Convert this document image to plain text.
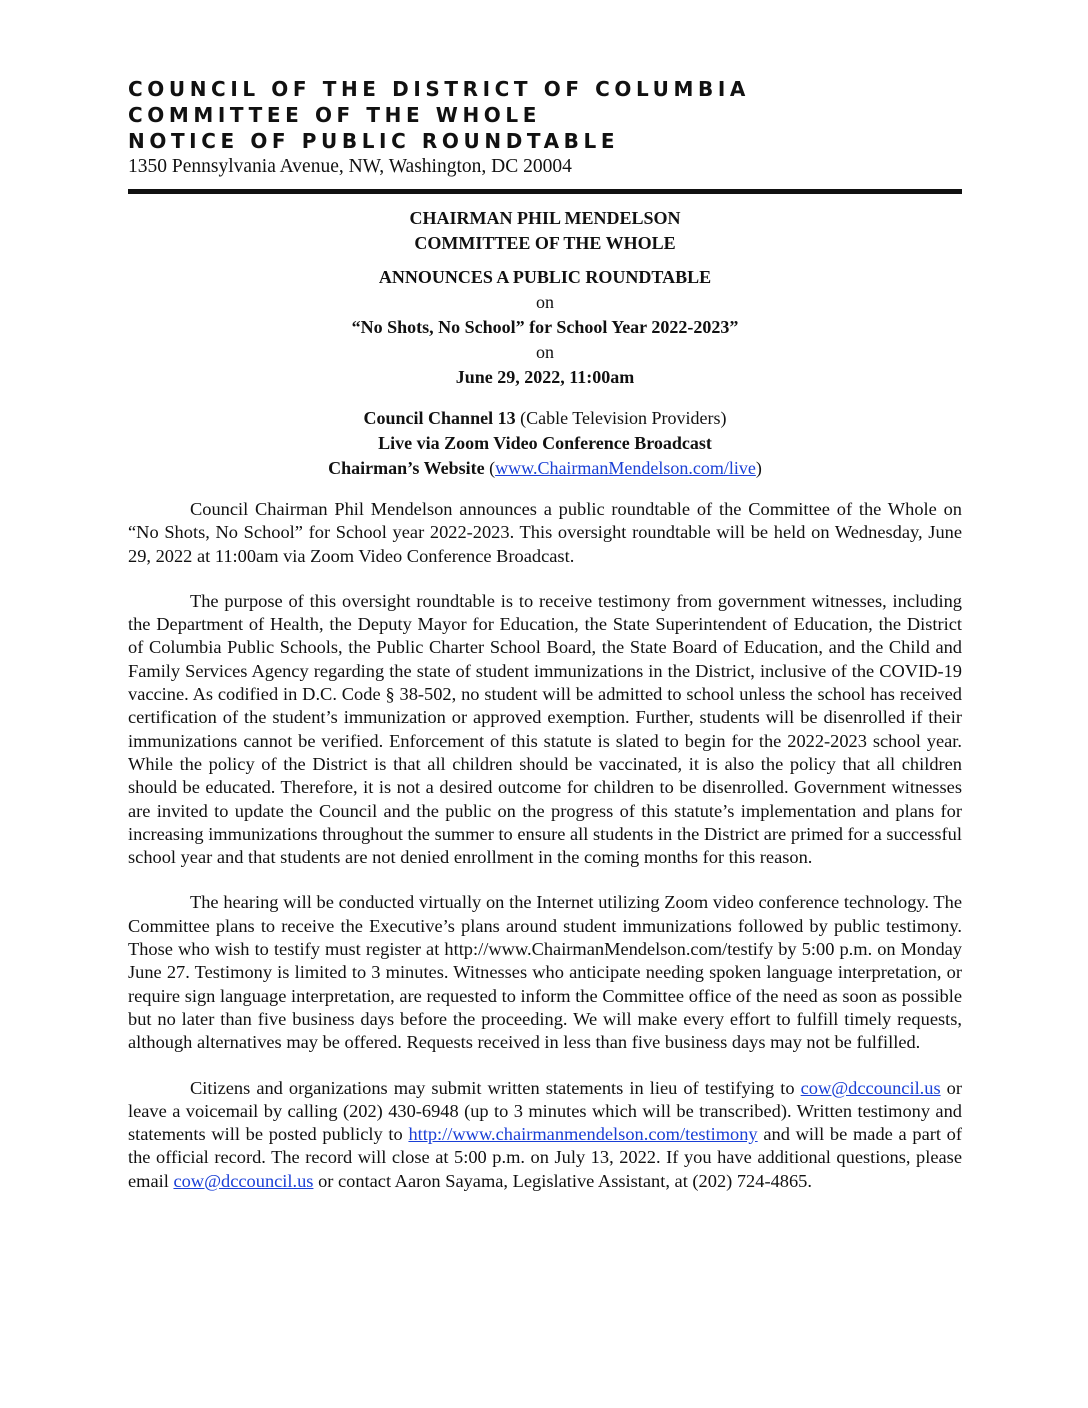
COUNCIL OF THE DISTRICT OF COLUMBIA
COMMITTEE OF THE WHOLE
NOTICE OF PUBLIC ROUNDTABLE
1350 Pennsylvania Avenue, NW, Washington, DC 20004
CHAIRMAN PHIL MENDELSON
COMMITTEE OF THE WHOLE
ANNOUNCES A PUBLIC ROUNDTABLE
on
“No Shots, No School” for School Year 2022-2023”
on
June 29, 2022, 11:00am
Council Channel 13 (Cable Television Providers)
Live via Zoom Video Conference Broadcast
Chairman’s Website (www.ChairmanMendelson.com/live)

Council Chairman Phil Mendelson announces a public roundtable of the Committee of the Whole on “No Shots, No School” for School year 2022-2023. This oversight roundtable will be held on Wednesday, June 29, 2022 at 11:00am via Zoom Video Conference Broadcast.

The purpose of this oversight roundtable is to receive testimony from government witnesses, including the Department of Health, the Deputy Mayor for Education, the State Superintendent of Education, the District of Columbia Public Schools, the Public Charter School Board, the State Board of Education, and the Child and Family Services Agency regarding the state of student immunizations in the District, inclusive of the COVID-19 vaccine. As codified in D.C. Code § 38-502, no student will be admitted to school unless the school has received certification of the student’s immunization or approved exemption. Further, students will be disenrolled if their immunizations cannot be verified. Enforcement of this statute is slated to begin for the 2022-2023 school year. While the policy of the District is that all children should be vaccinated, it is also the policy that all children should be educated. Therefore, it is not a desired outcome for children to be disenrolled. Government witnesses are invited to update the Council and the public on the progress of this statute’s implementation and plans for increasing immunizations throughout the summer to ensure all students in the District are primed for a successful school year and that students are not denied enrollment in the coming months for this reason.

The hearing will be conducted virtually on the Internet utilizing Zoom video conference technology. The Committee plans to receive the Executive’s plans around student immunizations followed by public testimony. Those who wish to testify must register at http://www.ChairmanMendelson.com/testify by 5:00 p.m. on Monday June 27. Testimony is limited to 3 minutes. Witnesses who anticipate needing spoken language interpretation, or require sign language interpretation, are requested to inform the Committee office of the need as soon as possible but no later than five business days before the proceeding. We will make every effort to fulfill timely requests, although alternatives may be offered. Requests received in less than five business days may not be fulfilled.

Citizens and organizations may submit written statements in lieu of testifying to cow@dccouncil.us or leave a voicemail by calling (202) 430-6948 (up to 3 minutes which will be transcribed). Written testimony and statements will be posted publicly to http://www.chairmanmendelson.com/testimony and will be made a part of the official record. The record will close at 5:00 p.m. on July 13, 2022. If you have additional questions, please email cow@dccouncil.us or contact Aaron Sayama, Legislative Assistant, at (202) 724-4865.
